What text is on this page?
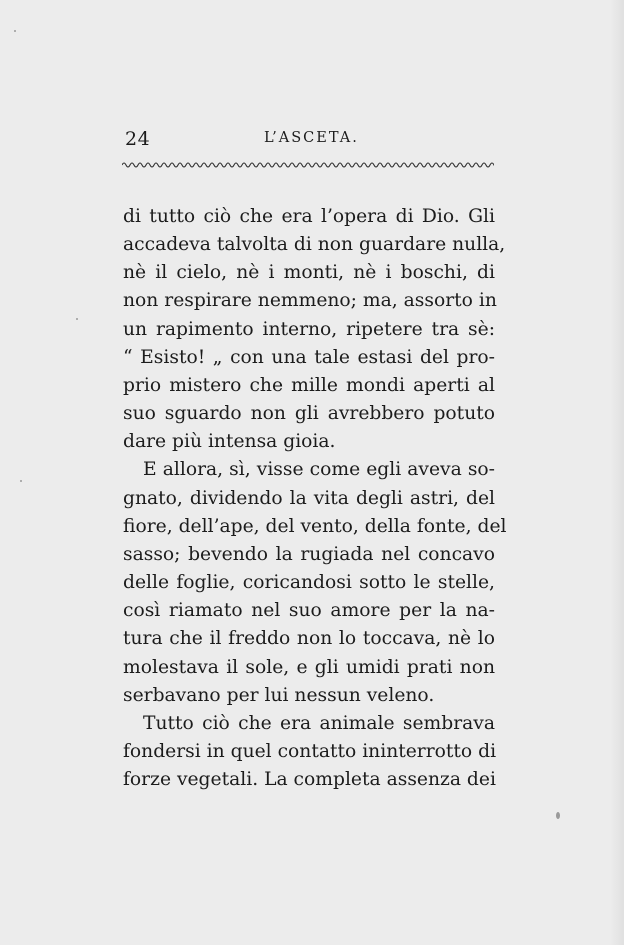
24	L’ASCETA.
di tutto ciò che era l’opera di Dio. Gli
accadeva talvolta di non guardare nulla,
nè il cielo, nè i monti, nè i boschi, di
non respirare nemmeno; ma, assorto in
un rapimento interno, ripetere tra sè:
“ Esisto! „ con una tale estasi del pro-
prio mistero che mille mondi aperti al
suo sguardo non gli avrebbero potuto
dare più intensa gioia.
E allora, sì, visse come egli aveva so-
gnato, dividendo la vita degli astri, del
fiore, dell’ape, del vento, della fonte, del
sasso; bevendo la rugiada nel concavo
delle foglie, coricandosi sotto le stelle,
così riamato nel suo amore per la na-
tura che il freddo non lo toccava, nè lo
molestava il sole, e gli umidi prati non
serbavano per lui nessun veleno.
Tutto ciò che era animale sembrava
fondersi in quel contatto ininterrotto di
forze vegetali. La completa assenza dei
